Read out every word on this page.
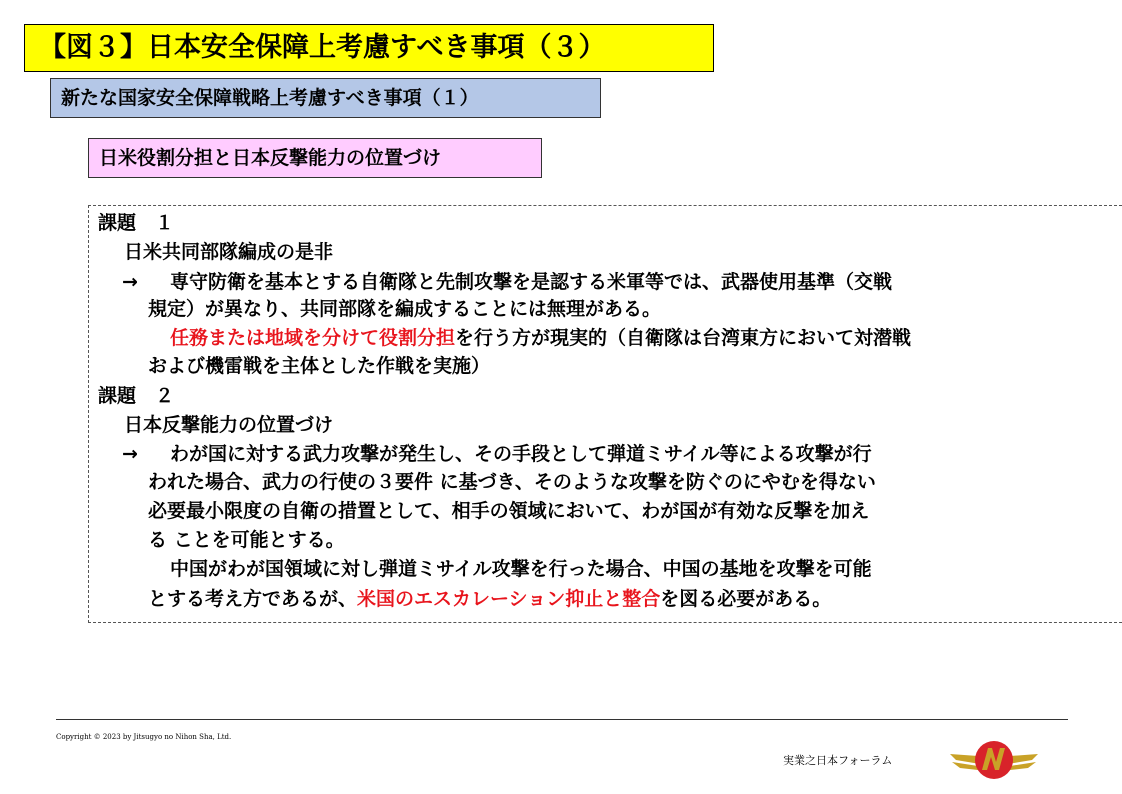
【図３】日本安全保障上考慮すべき事項（３）
新たな国家安全保障戦略上考慮すべき事項（１）
日米役割分担と日本反撃能力の位置づけ
課題　１
日米共同部隊編成の是非
→ 専守防衛を基本とする自衛隊と先制攻撃を是認する米軍等では、武器使用基準（交戦
規定）が異なり、共同部隊を編成することには無理がある。
任務または地域を分けて役割分担を行う方が現実的（自衛隊は台湾東方において対潜戦
および機雷戦を主体とした作戦を実施）
課題　２
日本反撃能力の位置づけ
→ わが国に対する武力攻撃が発生し、その手段として弾道ミサイル等による攻撃が行
われた場合、武力の行使の３要件 に基づき、そのような攻撃を防ぐのにやむを得ない
必要最小限度の自衛の措置として、相手の領域において、わが国が有効な反撃を加え
る ことを可能とする。
中国がわが国領域に対し弾道ミサイル攻撃を行った場合、中国の基地を攻撃を可能
とする考え方であるが、米国のエスカレーション抑止と整合を図る必要がある。
Copyright © 2023 by Jitsugyo no Nihon Sha, Ltd.
実業之日本フォーラム
